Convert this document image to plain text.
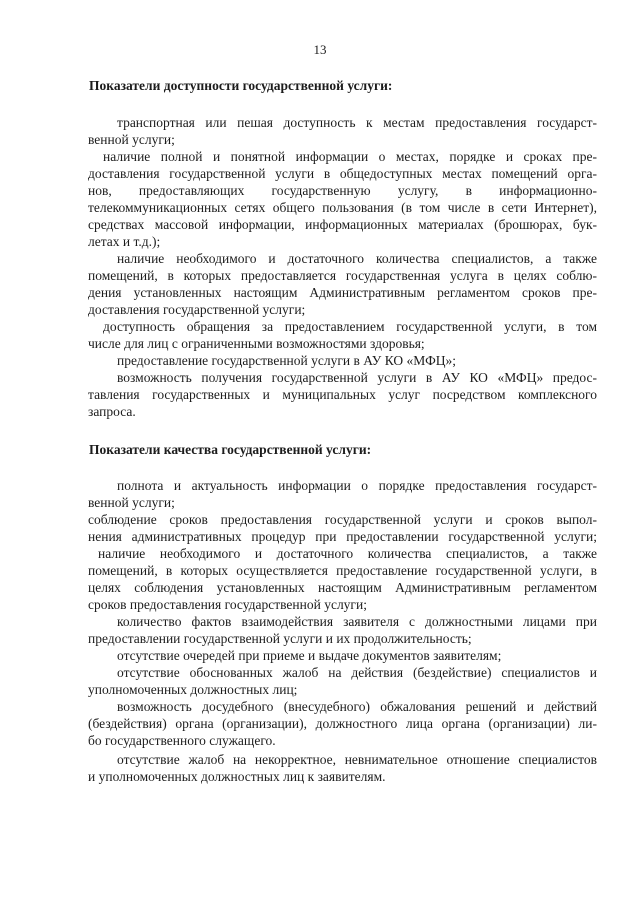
13
Показатели доступности государственной услуги:
транспортная или пешая доступность к местам предоставления государст-
венной услуги;
наличие полной и понятной информации о местах, порядке и сроках пре-
доставления государственной услуги в общедоступных местах помещений орга-
нов, предоставляющих государственную услугу, в информационно-
телекоммуникационных сетях общего пользования (в том числе в сети Интернет),
средствах массовой информации, информационных материалах (брошюрах, бук-
летах и т.д.);
наличие необходимого и достаточного количества специалистов, а также
помещений, в которых предоставляется государственная услуга в целях соблю-
дения установленных настоящим Административным регламентом сроков пре-
доставления государственной услуги;
доступность обращения за предоставлением государственной услуги, в том
числе для лиц с ограниченными возможностями здоровья;
предоставление государственной услуги в АУ КО «МФЦ»;
возможность получения государственной услуги в АУ КО «МФЦ» предос-
тавления государственных и муниципальных услуг посредством комплексного
запроса.
Показатели качества государственной услуги:
полнота и актуальность информации о порядке предоставления государст-
венной услуги;
соблюдение сроков предоставления государственной услуги и сроков выпол-
нения административных процедур при предоставлении государственной услуги;
наличие необходимого и достаточного количества специалистов, а также
помещений, в которых осуществляется предоставление государственной услуги, в
целях соблюдения установленных настоящим Административным регламентом
сроков предоставления государственной услуги;
количество фактов взаимодействия заявителя с должностными лицами при
предоставлении государственной услуги и их продолжительность;
отсутствие очередей при приеме и выдаче документов заявителям;
отсутствие обоснованных жалоб на действия (бездействие) специалистов и
уполномоченных должностных лиц;
возможность досудебного (внесудебного) обжалования решений и действий
(бездействия) органа (организации), должностного лица органа (организации) ли-
бо государственного служащего.
отсутствие жалоб на некорректное, невнимательное отношение специалистов
и уполномоченных должностных лиц к заявителям.
